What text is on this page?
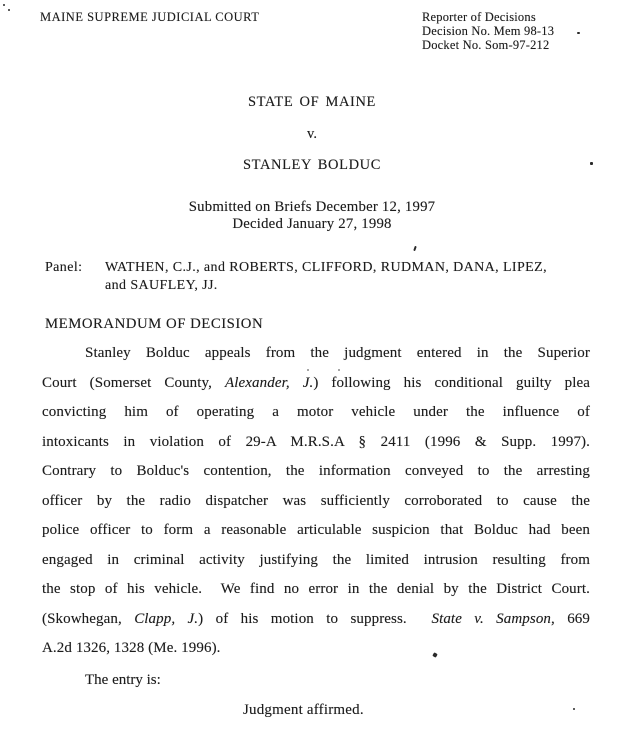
MAINE SUPREME JUDICIAL COURT	Reporter of Decisions
Decision No. Mem 98-13
Docket No. Som-97-212
STATE OF MAINE
v.
STANLEY BOLDUC
Submitted on Briefs December 12, 1997
Decided January 27, 1998
Panel:	WATHEN, C.J., and ROBERTS, CLIFFORD, RUDMAN, DANA, LIPEZ,
and SAUFLEY, JJ.
MEMORANDUM OF DECISION
Stanley Bolduc appeals from the judgment entered in the Superior
Court (Somerset County, Alexander, J.) following his conditional guilty plea
convicting him of operating a motor vehicle under the influence of
intoxicants in violation of 29-A M.R.S.A § 2411 (1996 & Supp. 1997).
Contrary to Bolduc's contention, the information conveyed to the arresting
officer by the radio dispatcher was sufficiently corroborated to cause the
police officer to form a reasonable articulable suspicion that Bolduc had been
engaged in criminal activity justifying the limited intrusion resulting from
the stop of his vehicle.  We find no error in the denial by the District Court.
(Skowhegan, Clapp, J.) of his motion to suppress.  State v. Sampson, 669
A.2d 1326, 1328 (Me. 1996).
The entry is:
Judgment affirmed.
